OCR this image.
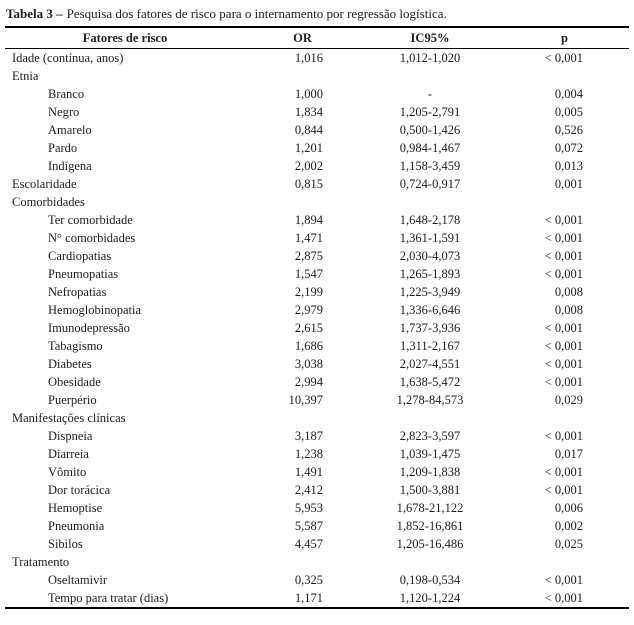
Tabela 3 – Pesquisa dos fatores de risco para o internamento por regressão logística.
Fatores de risco	OR	IC95%	p
Idade (contínua, anos)	1,016	1,012-1,020	< 0,001
Etnia			
Branco	1,000	-	0,004
Negro	1,834	1,205-2,791	0,005
Amarelo	0,844	0,500-1,426	0,526
Pardo	1,201	0,984-1,467	0,072
Indígena	2,002	1,158-3,459	0,013
Escolaridade	0,815	0,724-0,917	0,001
Comorbidades			
Ter comorbidade	1,894	1,648-2,178	< 0,001
N° comorbidades	1,471	1,361-1,591	< 0,001
Cardiopatias	2,875	2,030-4,073	< 0,001
Pneumopatias	1,547	1,265-1,893	< 0,001
Nefropatias	2,199	1,225-3,949	0,008
Hemoglobinopatia	2,979	1,336-6,646	0,008
Imunodepressão	2,615	1,737-3,936	< 0,001
Tabagismo	1,686	1,311-2,167	< 0,001
Diabetes	3,038	2,027-4,551	< 0,001
Obesidade	2,994	1,638-5,472	< 0,001
Puerpério	10,397	1,278-84,573	0,029
Manifestações clínicas			
Dispneia	3,187	2,823-3,597	< 0,001
Diarreia	1,238	1,039-1,475	0,017
Vômito	1,491	1,209-1,838	< 0,001
Dor torácica	2,412	1,500-3,881	< 0,001
Hemoptise	5,953	1,678-21,122	0,006
Pneumonia	5,587	1,852-16,861	0,002
Sibilos	4,457	1,205-16,486	0,025
Tratamento			
Oseltamivir	0,325	0,198-0,534	< 0,001
Tempo para tratar (dias)	1,171	1,120-1,224	< 0,001
